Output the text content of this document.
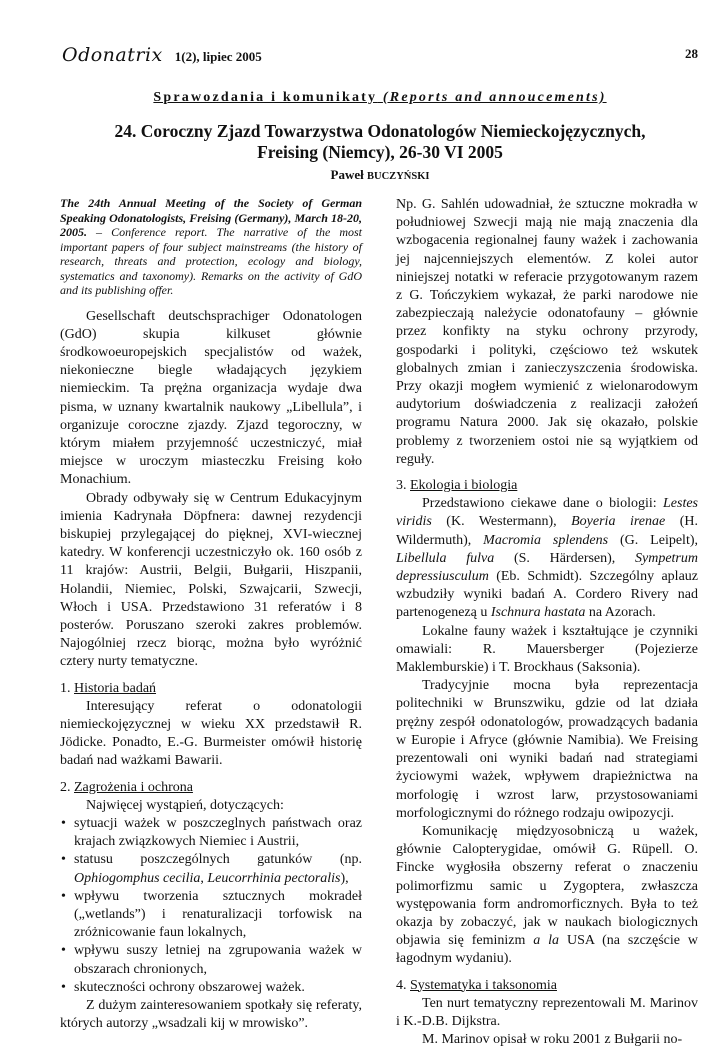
Odonatrix 1(2), lipiec 2005	28
Sprawozdania i komunikaty (Reports and annoucements)
24. Coroczny Zjazd Towarzystwa Odonatologów Niemieckojęzycznych,
Freising (Niemcy), 26-30 VI 2005
Paweł BUCZYŃSKI
The 24th Annual Meeting of the Society of German Speaking Odonatologists, Freising (Germany), March 18-20, 2005. – Conference report. The narrative of the most important papers of four subject mainstreams (the history of research, threats and protection, ecology and biology, systematics and taxonomy). Remarks on the activity of GdO and its publishing offer.

Gesellschaft deutschsprachiger Odonatologen (GdO) skupia kilkuset głównie środkowoeuropejskich specjalistów od ważek, niekonieczne biegle władających językiem niemieckim. Ta prężna organizacja wydaje dwa pisma, w uznany kwartalnik naukowy „Libellula”, i organizuje coroczne zjazdy. Zjazd tegoroczny, w którym miałem przyjemność uczestniczyć, miał miejsce w uroczym miasteczku Freising koło Monachium.

Obrady odbywały się w Centrum Edukacyjnym imienia Kadrynała Döpfnera: dawnej rezydencji biskupiej przylegającej do pięknej, XVI-wiecznej katedry. W konferencji uczestniczyło ok. 160 osób z 11 krajów: Austrii, Belgii, Bułgarii, Hiszpanii, Holandii, Niemiec, Polski, Szwajcarii, Szwecji, Włoch i USA. Przedstawiono 31 referatów i 8 posterów. Poruszano szeroki zakres problemów. Najogólniej rzecz biorąc, można było wyróżnić cztery nurty tematyczne.

1. Historia badań

Interesujący referat o odonatologii niemieckojęzycznej w wieku XX przedstawił R. Jödicke. Ponadto, E.-G. Burmeister omówił historię badań nad ważkami Bawarii.

2. Zagrożenia i ochrona

Najwięcej wystąpień, dotyczących:

• sytuacji ważek w poszczeglnych państwach oraz krajach związkowych Niemiec i Austrii,
• statusu poszczególnych gatunków (np. Ophiogomphus cecilia, Leucorrhinia pectoralis),
• wpływu tworzenia sztucznych mokradeł („wetlands”) i renaturalizacji torfowisk na zróżnicowanie faun lokalnych,
• wpływu suszy letniej na zgrupowania ważek w obszarach chronionych,
• skuteczności ochrony obszarowej ważek.

Z dużym zainteresowaniem spotkały się referaty, których autorzy „wsadzali kij w mrowisko”.

Np. G. Sahlén udowadniał, że sztuczne mokradła w południowej Szwecji mają nie mają znaczenia dla wzbogacenia regionalnej fauny ważek i zachowania jej najcenniejszych elementów. Z kolei autor niniejszej notatki w referacie przygotowanym razem z G. Tończykiem wykazał, że parki narodowe nie zabezpieczają należycie odonatofauny – głównie przez konfikty na styku ochrony przyrody, gospodarki i polityki, częściowo też wskutek globalnych zmian i zanieczyszczenia środowiska. Przy okazji mogłem wymienić z wielonarodowym audytorium doświadczenia z realizacji założeń programu Natura 2000. Jak się okazało, polskie problemy z tworzeniem ostoi nie są wyjątkiem od reguły.

3. Ekologia i biologia

Przedstawiono ciekawe dane o biologii: Lestes viridis (K. Westermann), Boyeria irenae (H. Wildermuth), Macromia splendens (G. Leipelt), Libellula fulva (S. Härdersen), Sympetrum depressiusculum (Eb. Schmidt). Szczególny aplauz wzbudziły wyniki badań A. Cordero Rivery nad partenogenezą u Ischnura hastata na Azorach.

Lokalne fauny ważek i kształtujące je czynniki omawiali: R. Mauersberger (Pojezierze Maklemburskie) i T. Brockhaus (Saksonia).

Tradycyjnie mocna była reprezentacja politechniki w Brunszwiku, gdzie od lat działa prężny zespół odonatologów, prowadzących badania w Europie i Afryce (głównie Namibia). We Freising prezentowali oni wyniki badań nad strategiami życiowymi ważek, wpływem drapieżnictwa na morfologię i wzrost larw, przystosowaniami morfologicznymi do różnego rodzaju owipozycji.

Komunikację międzyosobniczą u ważek, głównie Calopterygidae, omówił G. Rüpell. O. Fincke wygłosiła obszerny referat o znaczeniu polimorfizmu samic u Zygoptera, zwłaszcza występowania form andromorficznych. Była to też okazja by zobaczyć, jak w naukach biologicznych objawia się feminizm a la USA (na szczęście w łagodnym wydaniu).

4. Systematyka i taksonomia

Ten nurt tematyczny reprezentowali M. Marinov i K.-D.B. Dijkstra.

M. Marinov opisał w roku 2001 z Bułgarii no-
